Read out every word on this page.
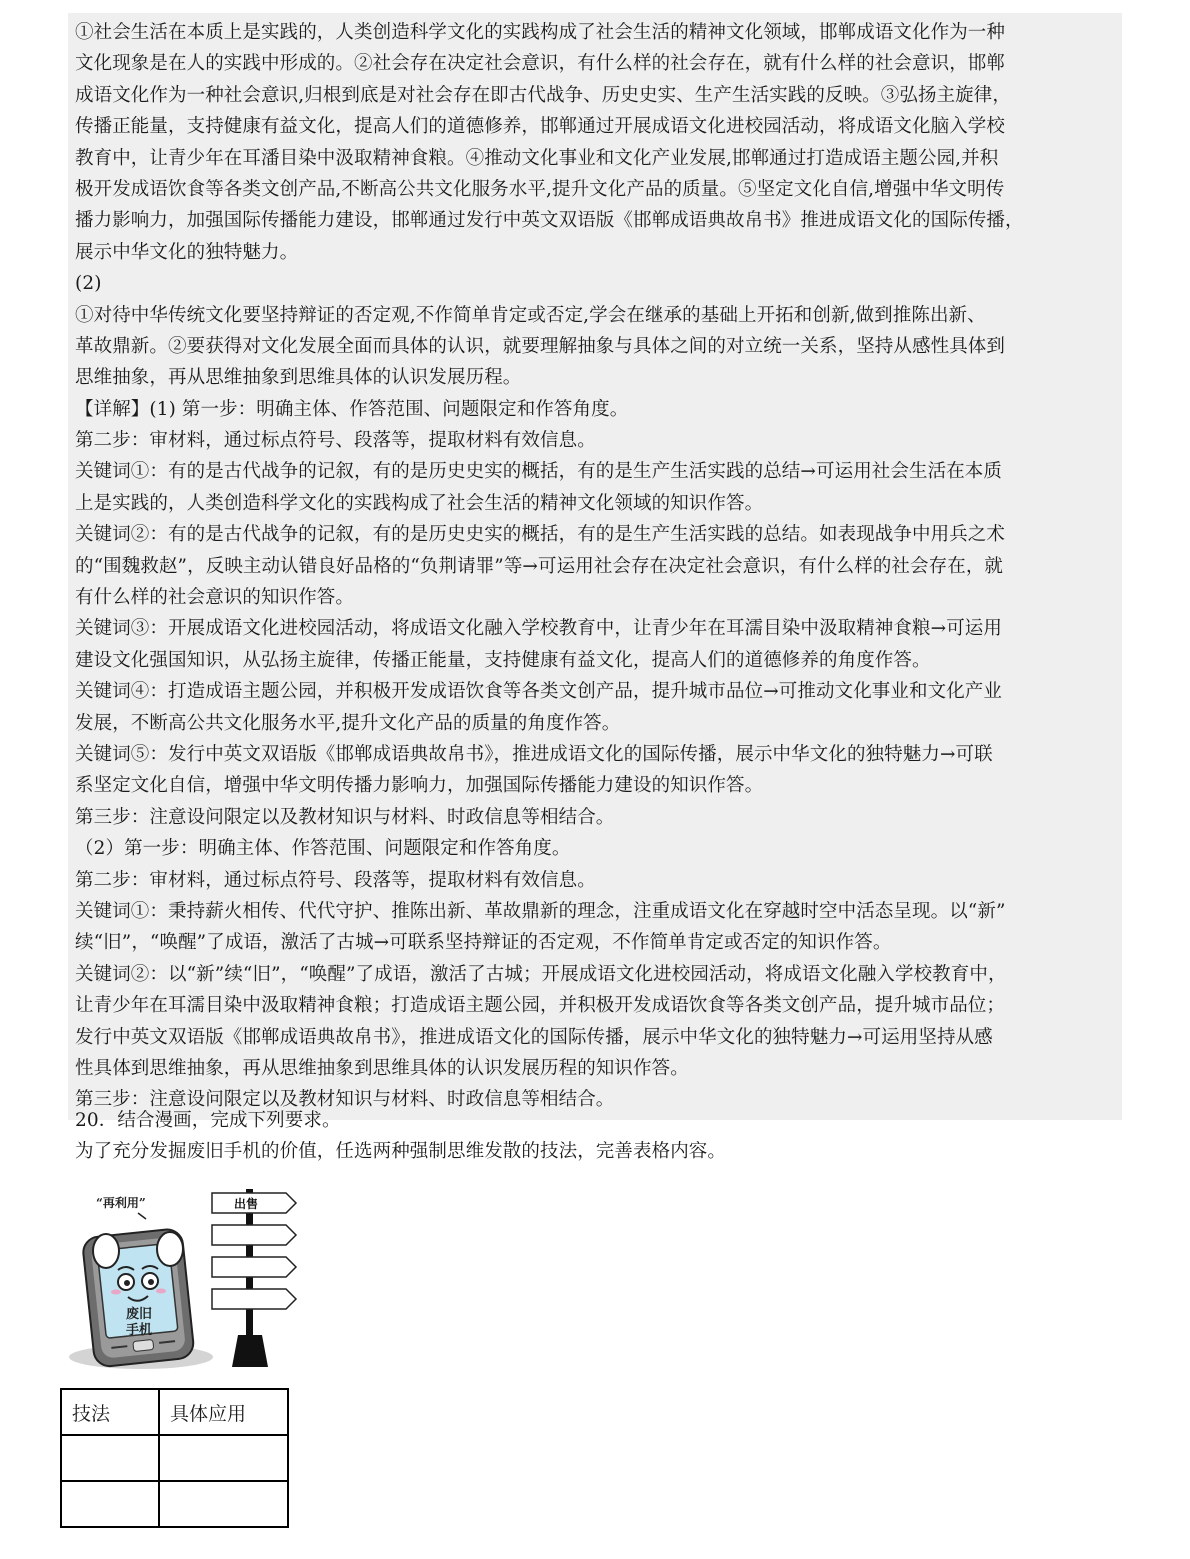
①社会生活在本质上是实践的，人类创造科学文化的实践构成了社会生活的精神文化领域，邯郸成语文化作为一种
文化现象是在人的实践中形成的。②社会存在决定社会意识，有什么样的社会存在，就有什么样的社会意识，邯郸
成语文化作为一种社会意识,归根到底是对社会存在即古代战争、历史史实、生产生活实践的反映。③弘扬主旋律，
传播正能量，支持健康有益文化，提高人们的道德修养，邯郸通过开展成语文化进校园活动，将成语文化脑入学校
教育中，让青少年在耳潘目染中汲取精神食粮。④推动文化事业和文化产业发展,邯郸通过打造成语主题公园,并积
极开发成语饮食等各类文创产品,不断高公共文化服务水平,提升文化产品的质量。⑤坚定文化自信,增强中华文明传
播力影响力，加强国际传播能力建设，邯郸通过发行中英文双语版《邯郸成语典故帛书》推进成语文化的国际传播，
展示中华文化的独特魅力。
(2)
①对待中华传统文化要坚持辩证的否定观,不作简单肯定或否定,学会在继承的基础上开拓和创新,做到推陈出新、
革故鼎新。②要获得对文化发展全面而具体的认识，就要理解抽象与具体之间的对立统一关系，坚持从感性具体到
思维抽象，再从思维抽象到思维具体的认识发展历程。
【详解】(1) 第一步：明确主体、作答范围、问题限定和作答角度。
第二步：审材料，通过标点符号、段落等，提取材料有效信息。
关键词①：有的是古代战争的记叙，有的是历史史实的概括，有的是生产生活实践的总结→可运用社会生活在本质
上是实践的，人类创造科学文化的实践构成了社会生活的精神文化领域的知识作答。
关键词②：有的是古代战争的记叙，有的是历史史实的概括，有的是生产生活实践的总结。如表现战争中用兵之术
的“围魏救赵”，反映主动认错良好品格的“负荆请罪”等→可运用社会存在决定社会意识，有什么样的社会存在，就
有什么样的社会意识的知识作答。
关键词③：开展成语文化进校园活动，将成语文化融入学校教育中，让青少年在耳濡目染中汲取精神食粮→可运用
建设文化强国知识，从弘扬主旋律，传播正能量，支持健康有益文化，提高人们的道德修养的角度作答。
关键词④：打造成语主题公园，并积极开发成语饮食等各类文创产品，提升城市品位→可推动文化事业和文化产业
发展，不断高公共文化服务水平,提升文化产品的质量的角度作答。
关键词⑤：发行中英文双语版《邯郸成语典故帛书》，推进成语文化的国际传播，展示中华文化的独特魅力→可联
系坚定文化自信，增强中华文明传播力影响力，加强国际传播能力建设的知识作答。
第三步：注意设问限定以及教材知识与材料、时政信息等相结合。
（2）第一步：明确主体、作答范围、问题限定和作答角度。
第二步：审材料，通过标点符号、段落等，提取材料有效信息。
关键词①：秉持薪火相传、代代守护、推陈出新、革故鼎新的理念，注重成语文化在穿越时空中活态呈现。以“新”
续“旧”，“唤醒”了成语，激活了古城→可联系坚持辩证的否定观，不作简单肯定或否定的知识作答。
关键词②：以“新”续“旧”，“唤醒”了成语，激活了古城；开展成语文化进校园活动，将成语文化融入学校教育中，
让青少年在耳濡目染中汲取精神食粮；打造成语主题公园，并积极开发成语饮食等各类文创产品，提升城市品位；
发行中英文双语版《邯郸成语典故帛书》，推进成语文化的国际传播，展示中华文化的独特魅力→可运用坚持从感
性具体到思维抽象，再从思维抽象到思维具体的认识发展历程的知识作答。
第三步：注意设问限定以及教材知识与材料、时政信息等相结合。
20．结合漫画，完成下列要求。
为了充分发掘废旧手机的价值，任选两种强制思维发散的技法，完善表格内容。
废旧
手机
“再利用”	出售
技法	具体应用
